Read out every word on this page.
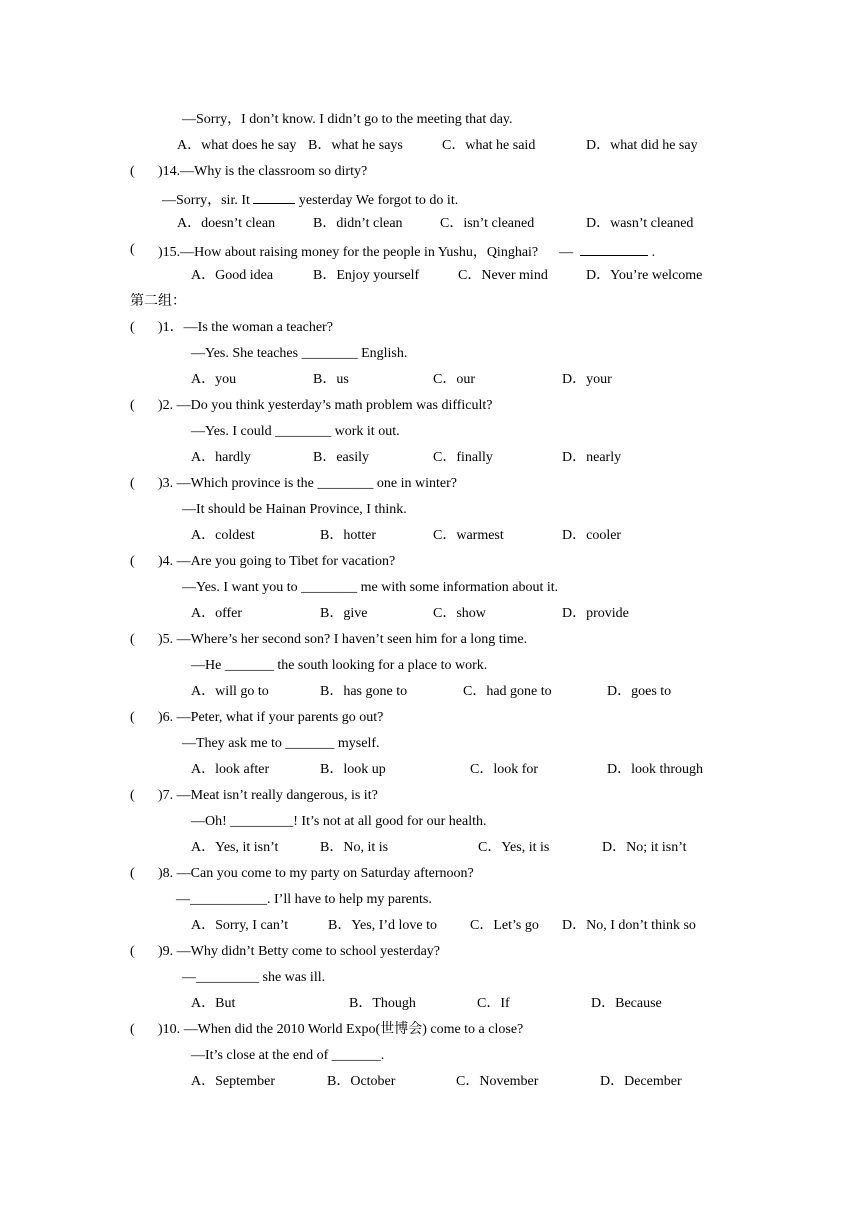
—Sorry，I don’t know. I didn’t go to the meeting that day.
A．what does he say B．what he says	C．what he said	D．what did he say
( )14.—Why is the classroom so dirty?
—Sorry，sir. It	yesterday We forgot to do it.
A．doesn’t clean	B．didn’t clean	C．isn’t cleaned	D．wasn’t cleaned
( )15.—How about raising money for the people in Yushu，Qinghai?      —	.
A．Good idea	B．Enjoy yourself	C．Never mind	D．You’re welcome
第二组：
( )1．—Is the woman a teacher?
—Yes. She teaches ________ English.
A．you	B．us	C．our	D．your
( )2. —Do you think yesterday’s math problem was difficult?
—Yes. I could ________ work it out.
A．hardly	B．easily	C．finally	D．nearly
( )3. —Which province is the ________ one in winter?
—It should be Hainan Province, I think.
A．coldest	B．hotter	C．warmest	D．cooler
( )4. —Are you going to Tibet for vacation?
—Yes. I want you to ________ me with some information about it.
A．offer	B．give	C．show	D．provide
( )5. —Where’s her second son? I haven’t seen him for a long time.
—He _______ the south looking for a place to work.
A．will go to	B．has gone to	C．had gone to	D．goes to
( )6. —Peter, what if your parents go out?
—They ask me to _______ myself.
A．look after	B．look up	C．look for	D．look through
( )7. —Meat isn’t really dangerous, is it?
—Oh! _________! It’s not at all good for our health.
A．Yes, it isn’t	B．No, it is	C．Yes, it is	D．No; it isn’t
( )8. —Can you come to my party on Saturday afternoon?
—___________. I’ll have to help my parents.
A．Sorry, I can’t	B．Yes, I’d love to C．Let’s go D．No, I don’t think so
( )9. —Why didn’t Betty come to school yesterday?
—_________ she was ill.
A．But	B．Though	C．If	D．Because
( )10. —When did the 2010 World Expo(世博会) come to a close?
—It’s close at the end of _______.
A．September	B．October	C．November	D．December
